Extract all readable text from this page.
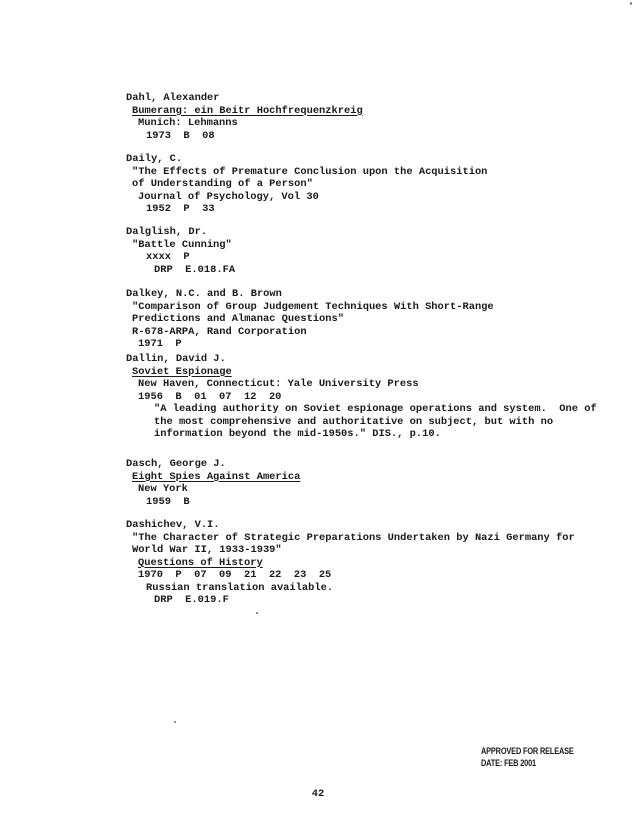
Dahl, Alexander
Bumerang: ein Beitr Hochfrequenzkreig
Munich: Lehmanns
1973  B  08
Daily, C.
"The Effects of Premature Conclusion upon the Acquisition
of Understanding of a Person"
Journal of Psychology, Vol 30
1952  P  33
Dalglish, Dr.
"Battle Cunning"
xxxx  P
DRP  E.018.FA
Dalkey, N.C. and B. Brown
"Comparison of Group Judgement Techniques With Short-Range
Predictions and Almanac Questions"
R-678-ARPA, Rand Corporation
1971  P
Dallin, David J.
Soviet Espionage
New Haven, Connecticut: Yale University Press
1956  B  01  07  12  20
"A leading authority on Soviet espionage operations and system.  One of
the most comprehensive and authoritative on subject, but with no
information beyond the mid-1950s." DIS., p.10.
Dasch, George J.
Eight Spies Against America
New York
1959  B
Dashichev, V.I.
"The Character of Strategic Preparations Undertaken by Nazi Germany for
World War II, 1933-1939"
Questions of History
1970  P  07  09  21  22  23  25
Russian translation available.
DRP  E.019.F
APPROVED FOR RELEASE
DATE: FEB 2001
42
